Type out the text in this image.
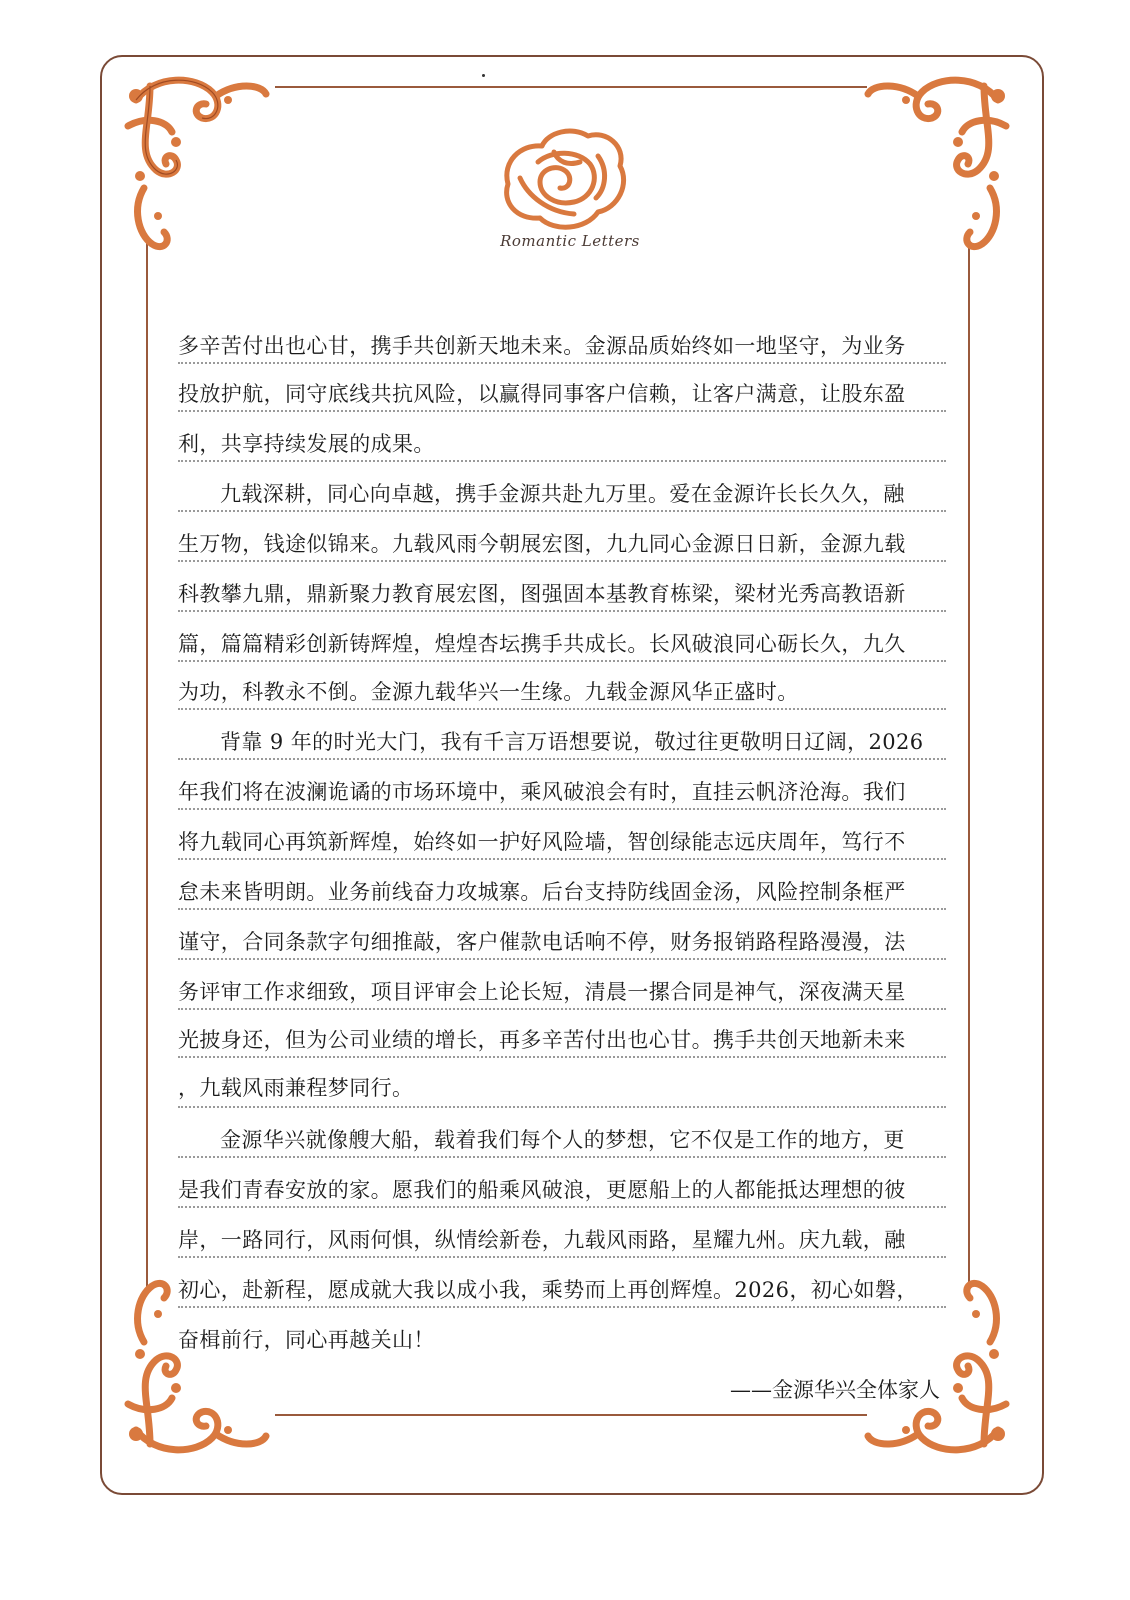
Romantic Letters
多辛苦付出也心甘，携手共创新天地未来。金源品质始终如一地坚守，为业务
投放护航，同守底线共抗风险，以赢得同事客户信赖，让客户满意，让股东盈
利，共享持续发展的成果。
九载深耕，同心向卓越，携手金源共赴九万里。爱在金源许长长久久，融
生万物，钱途似锦来。九载风雨今朝展宏图，九九同心金源日日新，金源九载
科教攀九鼎，鼎新聚力教育展宏图，图强固本基教育栋梁，梁材光秀高教语新
篇，篇篇精彩创新铸辉煌，煌煌杏坛携手共成长。长风破浪同心砺长久，九久
为功，科教永不倒。金源九载华兴一生缘。九载金源风华正盛时。
背靠 9 年的时光大门，我有千言万语想要说，敬过往更敬明日辽阔，2026
年我们将在波澜诡谲的市场环境中，乘风破浪会有时，直挂云帆济沧海。我们
将九载同心再筑新辉煌，始终如一护好风险墙，智创绿能志远庆周年，笃行不
怠未来皆明朗。业务前线奋力攻城寨。后台支持防线固金汤，风险控制条框严
谨守，合同条款字句细推敲，客户催款电话响不停，财务报销路程路漫漫，法
务评审工作求细致，项目评审会上论长短，清晨一摞合同是神气，深夜满天星
光披身还，但为公司业绩的增长，再多辛苦付出也心甘。携手共创天地新未来
，九载风雨兼程梦同行。
金源华兴就像艘大船，载着我们每个人的梦想，它不仅是工作的地方，更
是我们青春安放的家。愿我们的船乘风破浪，更愿船上的人都能抵达理想的彼
岸，一路同行，风雨何惧，纵情绘新卷，九载风雨路，星耀九州。庆九载，融
初心，赴新程，愿成就大我以成小我，乘势而上再创辉煌。2026，初心如磐，
奋楫前行，同心再越关山！
——金源华兴全体家人
